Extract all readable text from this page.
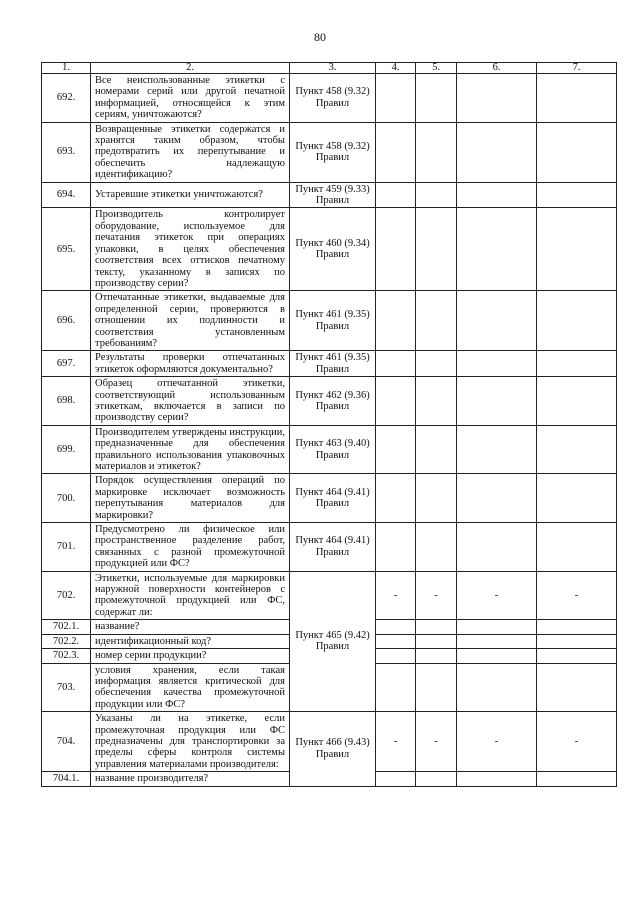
80
1.	2.	3.	4.	5.	6.	7.
692.	Все неиспользованные этикетки с номерами серий или другой печатной информацией, относящейся к этим сериям, уничтожаются?	Пункт 458 (9.32) Правил				
693.	Возвращенные этикетки содержатся и хранятся таким образом, чтобы предотвратить их перепутывание и обеспечить надлежащую идентификацию?	Пункт 458 (9.32) Правил				
694.	Устаревшие этикетки уничтожаются?	Пункт 459 (9.33) Правил				
695.	Производитель контролирует оборудование, используемое для печатания этикеток при операциях упаковки, в целях обеспечения соответствия всех оттисков печатному тексту, указанному в записях по производству серии?	Пункт 460 (9.34) Правил				
696.	Отпечатанные этикетки, выдаваемые для определенной серии, проверяются в отношении их подлинности и соответствия установленным требованиям?	Пункт 461 (9.35) Правил				
697.	Результаты проверки отпечатанных этикеток оформляются документально?	Пункт 461 (9.35) Правил				
698.	Образец отпечатанной этикетки, соответствующий использованным этикеткам, включается в записи по производству серии?	Пункт 462 (9.36) Правил				
699.	Производителем утверждены инструкции, предназначенные для обеспечения правильного использования упаковочных материалов и этикеток?	Пункт 463 (9.40) Правил				
700.	Порядок осуществления операций по маркировке исключает возможность перепутывания материалов для маркировки?	Пункт 464 (9.41) Правил				
701.	Предусмотрено ли физическое или пространственное разделение работ, связанных с разной промежуточной продукцией или ФС?	Пункт 464 (9.41) Правил				
702.	Этикетки, используемые для маркировки наружной поверхности контейнеров с промежуточной продукцией или ФС, содержат ли:	Пункт 465 (9.42) Правил	-	-	-	-
702.1.	название?					
702.2.	идентификационный код?					
702.3.	номер серии продукции?					
703.	условия хранения, если такая информация является критической для обеспечения качества промежуточной продукции или ФС?					
704.	Указаны ли на этикетке, если промежуточная продукция или ФС предназначены для транспортировки за пределы сферы контроля системы управления материалами производителя:	Пункт 466 (9.43) Правил	-	-	-	-
704.1.	название производителя?					
